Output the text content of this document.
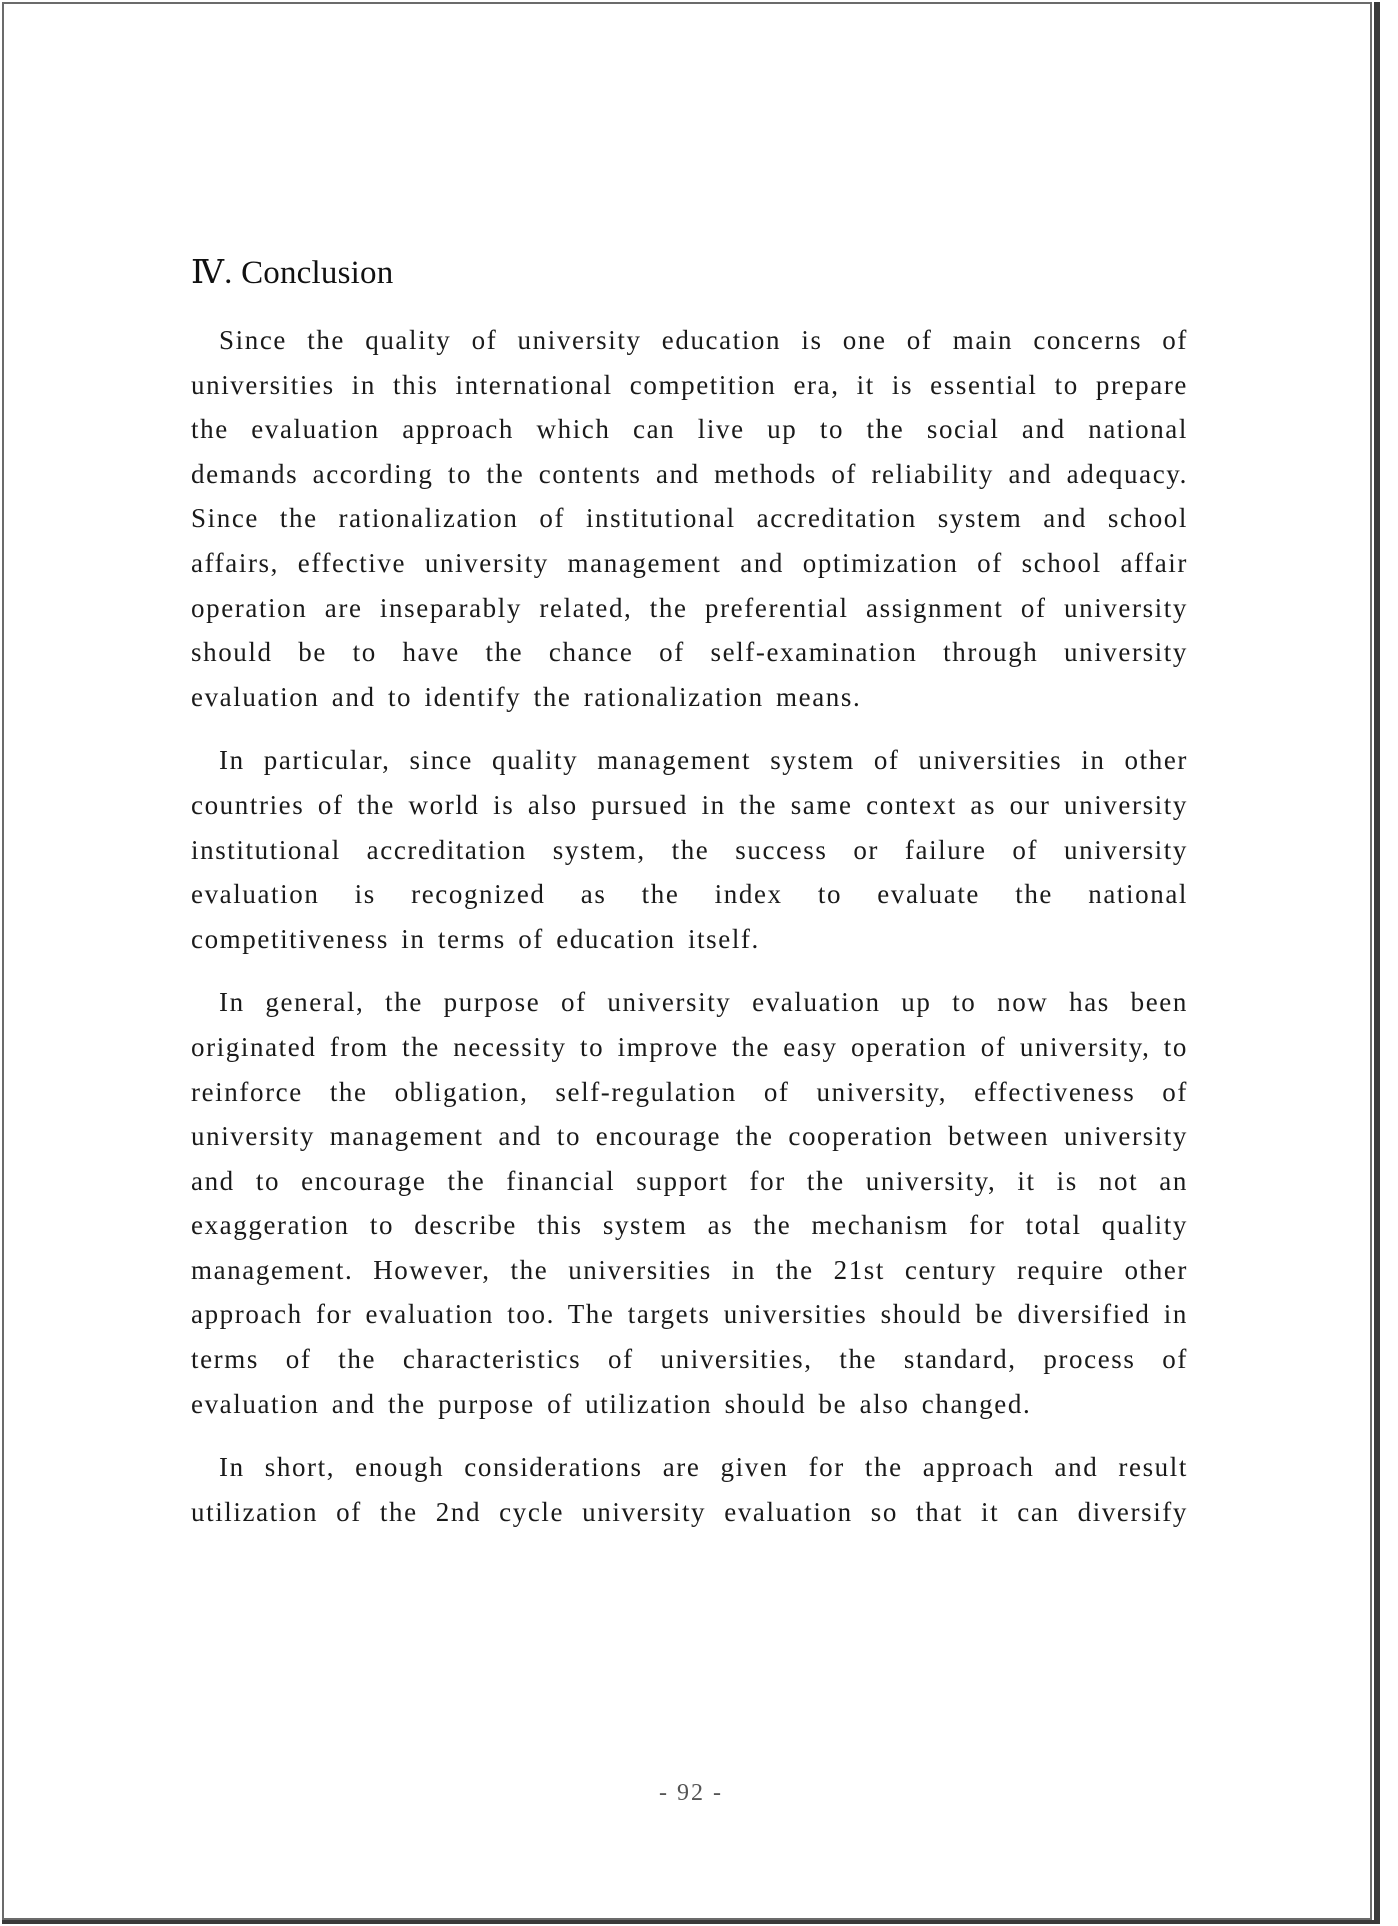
Ⅳ. Conclusion

Since the quality of university education is one of main concerns of universities in this international competition era, it is essential to prepare the evaluation approach which can live up to the social and national demands according to the contents and methods of reliability and adequacy. Since the rationalization of institutional accreditation system and school affairs, effective university management and optimization of school affair operation are inseparably related, the preferential assignment of university should be to have the chance of self-examination through university evaluation and to identify the rationalization means.

In particular, since quality management system of universities in other countries of the world is also pursued in the same context as our university institutional accreditation system, the success or failure of university evaluation is recognized as the index to evaluate the national competitiveness in terms of education itself.

In general, the purpose of university evaluation up to now has been originated from the necessity to improve the easy operation of university, to reinforce the obligation, self-regulation of university, effectiveness of university management and to encourage the cooperation between university and to encourage the financial support for the university, it is not an exaggeration to describe this system as the mechanism for total quality management. However, the universities in the 21st century require other approach for evaluation too. The targets universities should be diversified in terms of the characteristics of universities, the standard, process of evaluation and the purpose of utilization should be also changed.

In short, enough considerations are given for the approach and result utilization of the 2nd cycle university evaluation so that it can diversify

- 92 -
